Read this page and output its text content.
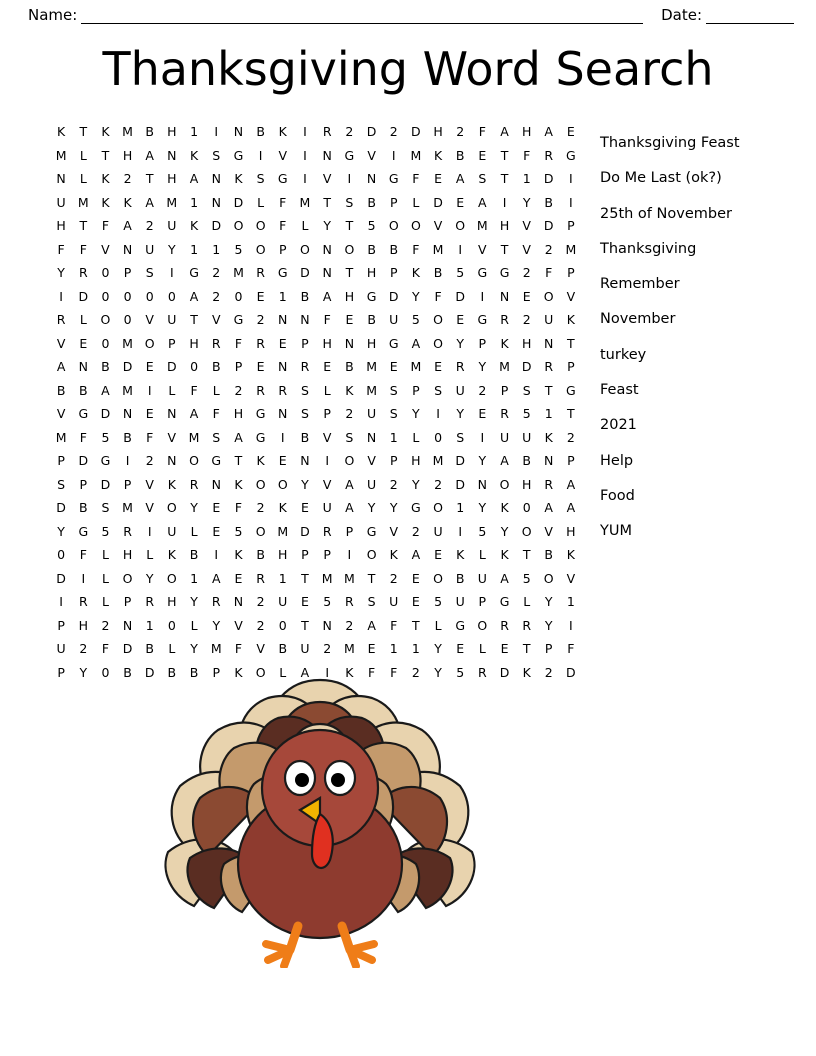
Name:	Date:
Thanksgiving Word Search
K	T	K	M	B	H	1	I	N	B	K	I	R	2	D	2	D	H	2	F	A	H	A	E
M	L	T	H	A	N	K	S	G	I	V	I	N	G	V	I	M	K	B	E	T	F	R	G
N	L	K	2	T	H	A	N	K	S	G	I	V	I	N	G	F	E	A	S	T	1	D	I
U	M	K	K	A	M	1	N	D	L	F	M	T	S	B	P	L	D	E	A	I	Y	B	I
H	T	F	A	2	U	K	D	O	O	F	L	Y	T	5	O	O	V	O	M	H	V	D	P
F	F	V	N	U	Y	1	1	5	O	P	O	N	O	B	B	F	M	I	V	T	V	2	M
Y	R	0	P	S	I	G	2	M	R	G	D	N	T	H	P	K	B	5	G	G	2	F	P
I	D	0	0	0	0	A	2	0	E	1	B	A	H	G	D	Y	F	D	I	N	E	O	V
R	L	O	0	V	U	T	V	G	2	N	N	F	E	B	U	5	O	E	G	R	2	U	K
V	E	0	M	O	P	H	R	F	R	E	P	H	N	H	G	A	O	Y	P	K	H	N	T
A	N	B	D	E	D	0	B	P	E	N	R	E	B	M	E	M	E	R	Y	M	D	R	P
B	B	A	M	I	L	F	L	2	R	R	S	L	K	M	S	P	S	U	2	P	S	T	G
V	G	D	N	E	N	A	F	H	G	N	S	P	2	U	S	Y	I	Y	E	R	5	1	T
M	F	5	B	F	V	M	S	A	G	I	B	V	S	N	1	L	0	S	I	U	U	K	2
P	D	G	I	2	N	O	G	T	K	E	N	I	O	V	P	H	M	D	Y	A	B	N	P
S	P	D	P	V	K	R	N	K	O	O	Y	V	A	U	2	Y	2	D	N	O	H	R	A
D	B	S	M	V	O	Y	E	F	2	K	E	U	A	Y	Y	G	O	1	Y	K	0	A	A
Y	G	5	R	I	U	L	E	5	O	M	D	R	P	G	V	2	U	I	5	Y	O	V	H
0	F	L	H	L	K	B	I	K	B	H	P	P	I	O	K	A	E	K	L	K	T	B	K
D	I	L	O	Y	O	1	A	E	R	1	T	M	M	T	2	E	O	B	U	A	5	O	V
I	R	L	P	R	H	Y	R	N	2	U	E	5	R	S	U	E	5	U	P	G	L	Y	1
P	H	2	N	1	0	L	Y	V	2	0	T	N	2	A	F	T	L	G	O	R	R	Y	I
U	2	F	D	B	L	Y	M	F	V	B	U	2	M	E	1	1	Y	E	L	E	T	P	F
P	Y	0	B	D	B	B	P	K	O	L	A	I	K	F	F	2	Y	5	R	D	K	2	D
Thanksgiving Feast
Do Me Last (ok?)
25th of November
Thanksgiving
Remember
November
turkey
Feast
2021
Help
Food
YUM
